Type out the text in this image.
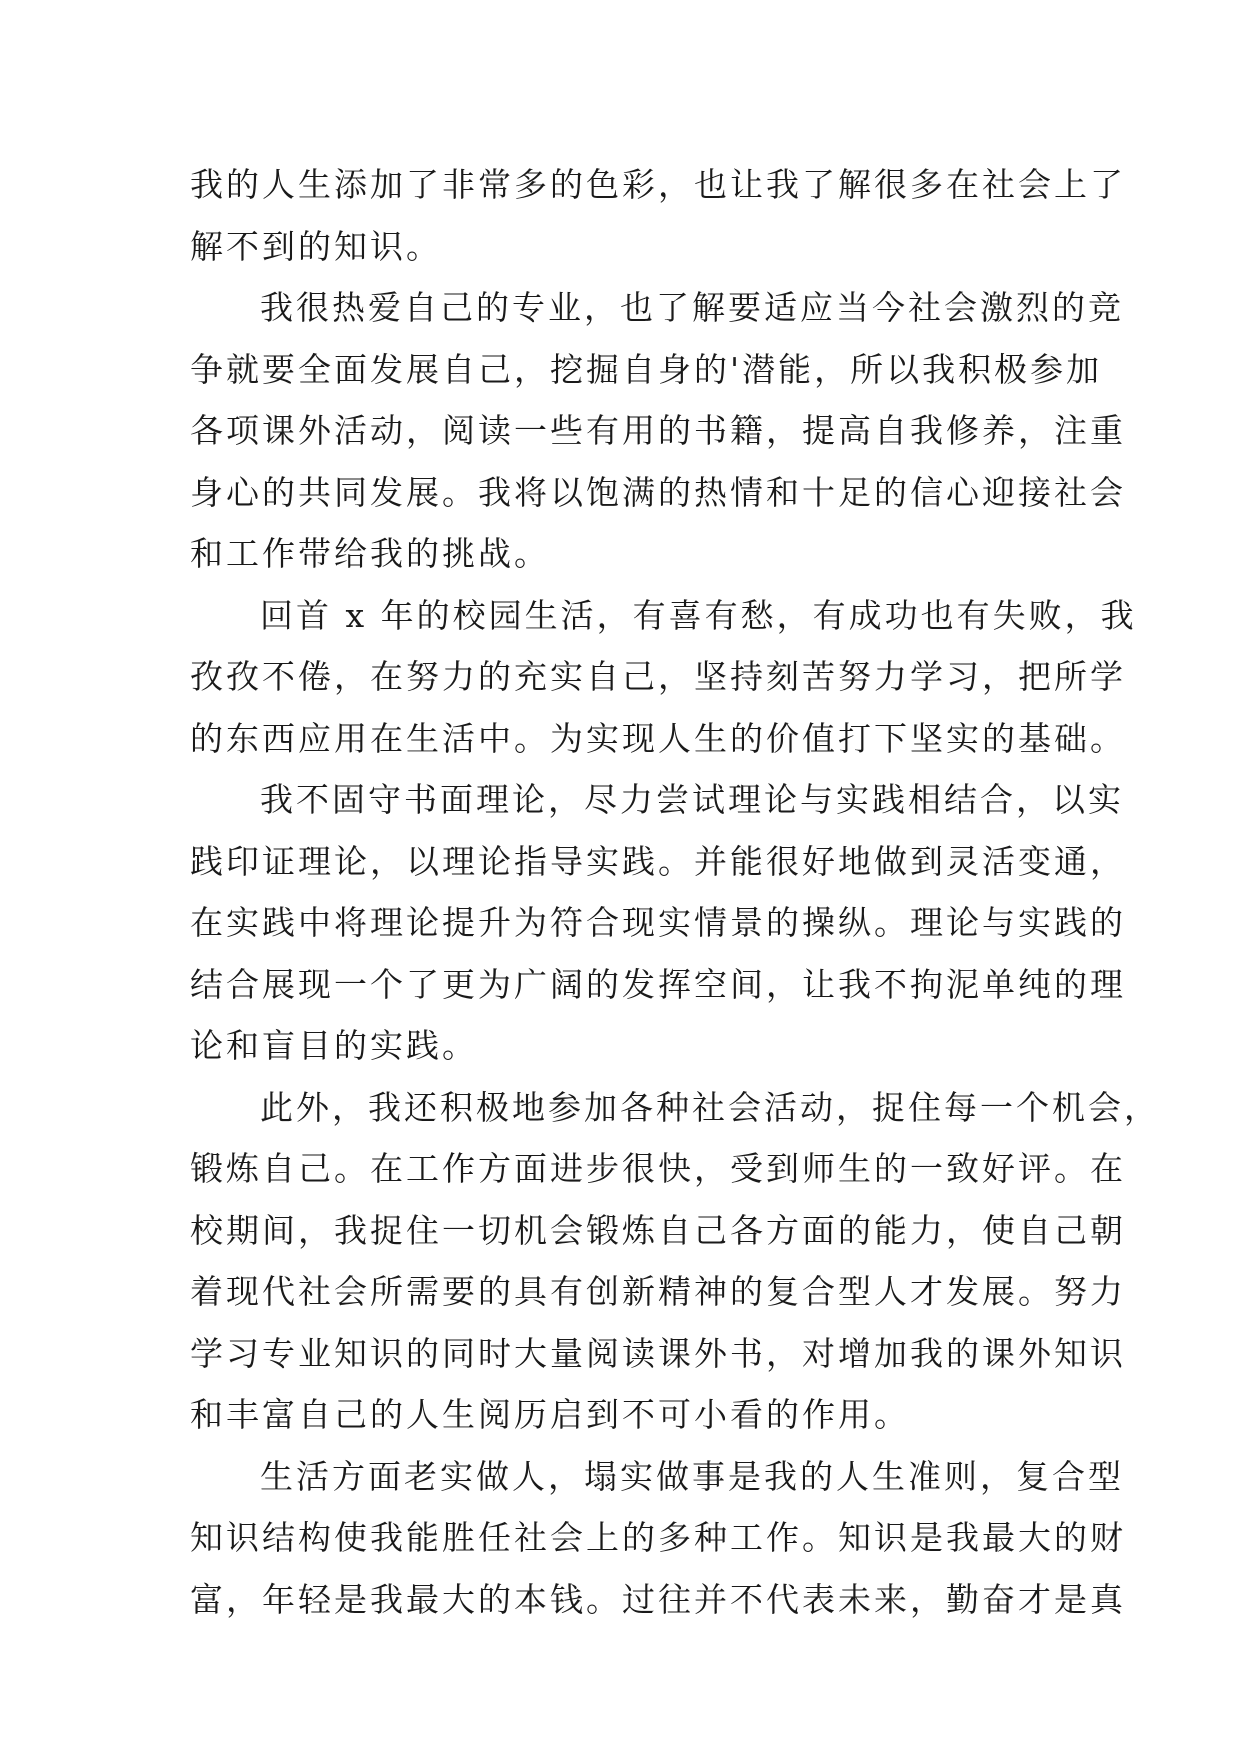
我的人生添加了非常多的色彩，也让我了解很多在社会上了
解不到的知识。
我很热爱自己的专业，也了解要适应当今社会激烈的竞
争就要全面发展自己，挖掘自身的'潜能，所以我积极参加
各项课外活动，阅读一些有用的书籍，提高自我修养，注重
身心的共同发展。我将以饱满的热情和十足的信心迎接社会
和工作带给我的挑战。
回首 x 年的校园生活，有喜有愁，有成功也有失败，我
孜孜不倦，在努力的充实自己，坚持刻苦努力学习，把所学
的东西应用在生活中。为实现人生的价值打下坚实的基础。
我不固守书面理论，尽力尝试理论与实践相结合，以实
践印证理论，以理论指导实践。并能很好地做到灵活变通，
在实践中将理论提升为符合现实情景的操纵。理论与实践的
结合展现一个了更为广阔的发挥空间，让我不拘泥单纯的理
论和盲目的实践。
此外，我还积极地参加各种社会活动，捉住每一个机会，
锻炼自己。在工作方面进步很快，受到师生的一致好评。在
校期间，我捉住一切机会锻炼自己各方面的能力，使自己朝
着现代社会所需要的具有创新精神的复合型人才发展。努力
学习专业知识的同时大量阅读课外书，对增加我的课外知识
和丰富自己的人生阅历启到不可小看的作用。
生活方面老实做人，塌实做事是我的人生准则，复合型
知识结构使我能胜任社会上的多种工作。知识是我最大的财
富，年轻是我最大的本钱。过往并不代表未来，勤奋才是真
